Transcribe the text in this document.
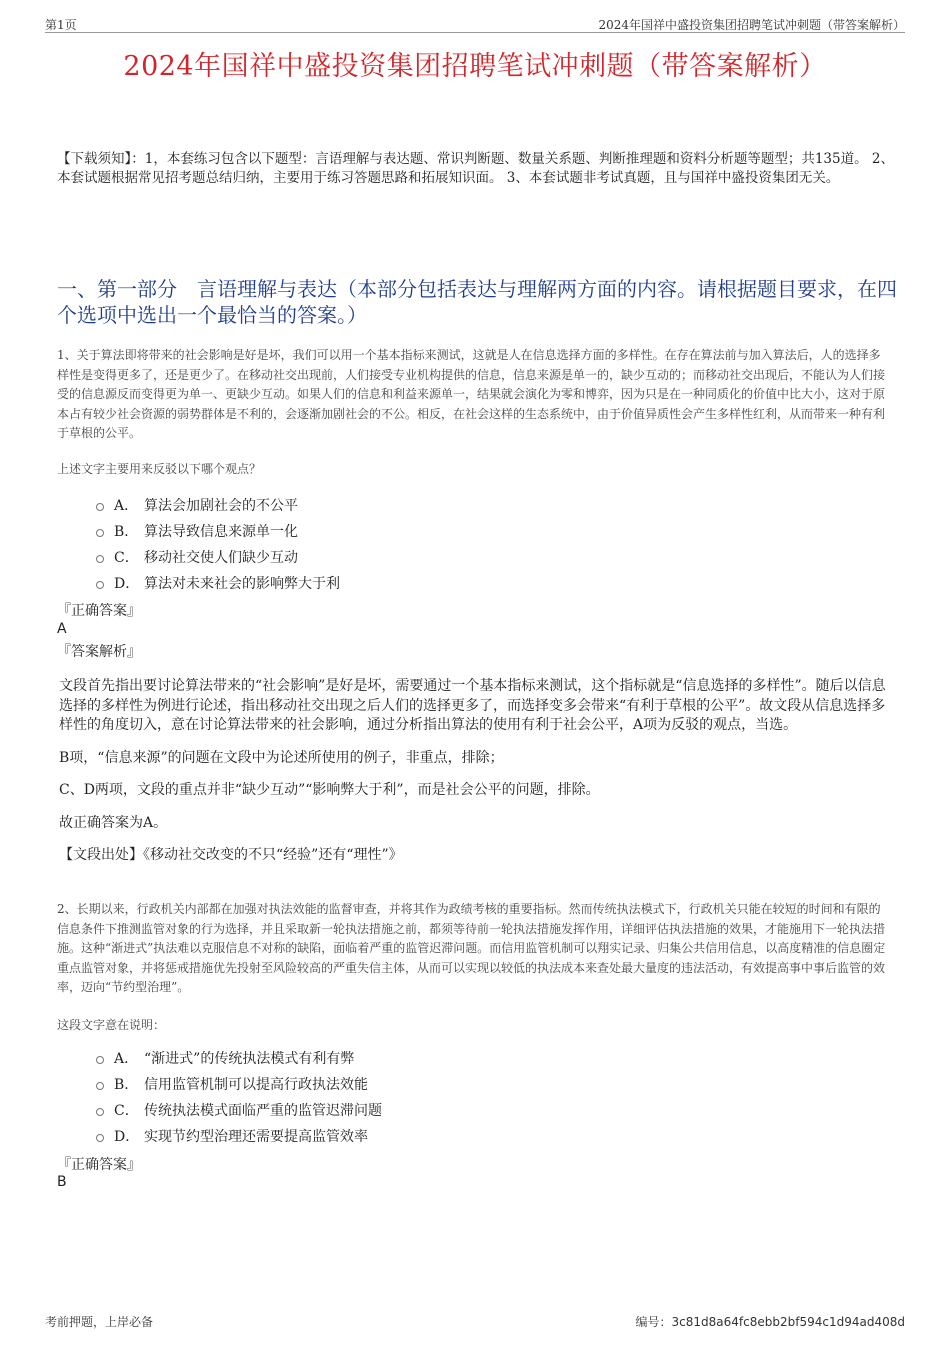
第1页	2024年国祥中盛投资集团招聘笔试冲刺题（带答案解析）
2024年国祥中盛投资集团招聘笔试冲刺题（带答案解析）
【下载须知】：1，本套练习包含以下题型：言语理解与表达题、常识判断题、数量关系题、判断推理题和资料分析题等题型；共135道。 2、本套试题根据常见招考题总结归纳，主要用于练习答题思路和拓展知识面。 3、本套试题非考试真题，且与国祥中盛投资集团无关。
一、第一部分　言语理解与表达（本部分包括表达与理解两方面的内容。请根据题目要求，在四个选项中选出一个最恰当的答案。）
1、关于算法即将带来的社会影响是好是坏，我们可以用一个基本指标来测试，这就是人在信息选择方面的多样性。在存在算法前与加入算法后，人的选择多样性是变得更多了，还是更少了。在移动社交出现前，人们接受专业机构提供的信息，信息来源是单一的，缺少互动的；而移动社交出现后，不能认为人们接受的信息源反而变得更为单一、更缺少互动。如果人们的信息和利益来源单一，结果就会演化为零和博弈，因为只是在一种同质化的价值中比大小，这对于原本占有较少社会资源的弱势群体是不利的，会逐渐加剧社会的不公。相反，在社会这样的生态系统中，由于价值异质性会产生多样性红利，从而带来一种有利于草根的公平。
上述文字主要用来反驳以下哪个观点？
A． 算法会加剧社会的不公平
B． 算法导致信息来源单一化
C． 移动社交使人们缺少互动
D． 算法对未来社会的影响弊大于利
『正确答案』
A
『答案解析』

文段首先指出要讨论算法带来的“社会影响”是好是坏，需要通过一个基本指标来测试，这个指标就是“信息选择的多样性”。随后以信息选择的多样性为例进行论述，指出移动社交出现之后人们的选择更多了，而选择变多会带来“有利于草根的公平”。故文段从信息选择多样性的角度切入，意在讨论算法带来的社会影响，通过分析指出算法的使用有利于社会公平，A项为反驳的观点，当选。

B项，“信息来源”的问题在文段中为论述所使用的例子，非重点，排除；

C、D两项，文段的重点并非“缺少互动”“影响弊大于利”，而是社会公平的问题，排除。

故正确答案为A。

【文段出处】《移动社交改变的不只“经验”还有“理性”》

2、长期以来，行政机关内部都在加强对执法效能的监督审查，并将其作为政绩考核的重要指标。然而传统执法模式下，行政机关只能在较短的时间和有限的信息条件下推测监管对象的行为选择，并且采取新一轮执法措施之前，都须等待前一轮执法措施发挥作用，详细评估执法措施的效果，才能施用下一轮执法措施。这种“渐进式”执法难以克服信息不对称的缺陷，面临着严重的监管迟滞问题。而信用监管机制可以翔实记录、归集公共信用信息，以高度精准的信息圈定重点监管对象，并将惩戒措施优先投射至风险较高的严重失信主体，从而可以实现以较低的执法成本来查处最大量度的违法活动，有效提高事中事后监管的效率，迈向“节约型治理”。
这段文字意在说明：
A． “渐进式”的传统执法模式有利有弊
B． 信用监管机制可以提高行政执法效能
C． 传统执法模式面临严重的监管迟滞问题
D． 实现节约型治理还需要提高监管效率
『正确答案』
B
考前押题，上岸必备	编号：3c81d8a64fc8ebb2bf594c1d94ad408d
